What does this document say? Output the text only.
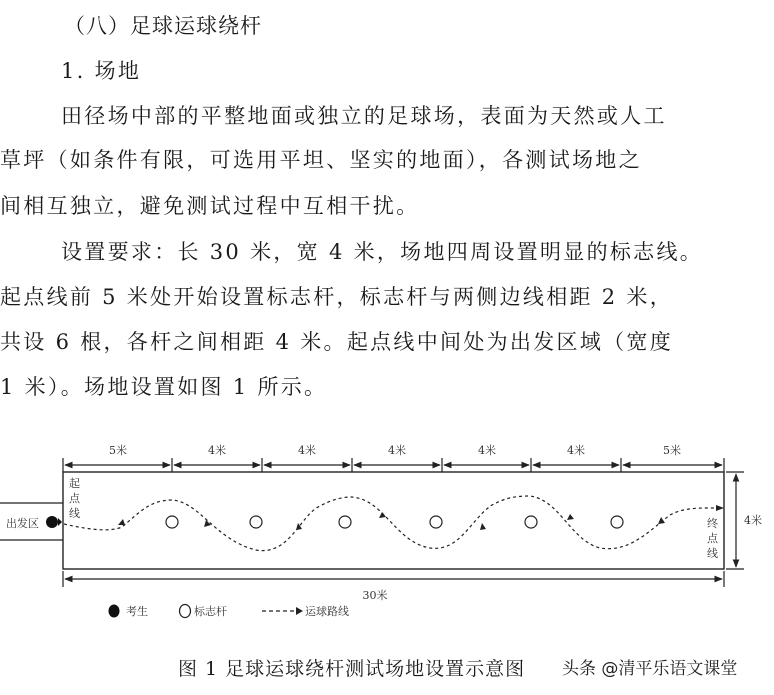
（八）足球运球绕杆
1. 场地
田径场中部的平整地面或独立的足球场，表面为天然或人工
草坪（如条件有限，可选用平坦、坚实的地面），各测试场地之
间相互独立，避免测试过程中互相干扰。
设置要求：长 30 米，宽 4 米，场地四周设置明显的标志线。
起点线前 5 米处开始设置标志杆，标志杆与两侧边线相距 2 米，
共设 6 根，各杆之间相距 4 米。起点线中间处为出发区域（宽度
1 米）。场地设置如图 1 所示。
5米	4米	4米	4米	4米	4米	5米
出发区
起
点
线
终
点
线
4米
30米
考生	标志杆	运球路线
图 1 足球运球绕杆测试场地设置示意图 头条 @清平乐语文课堂
